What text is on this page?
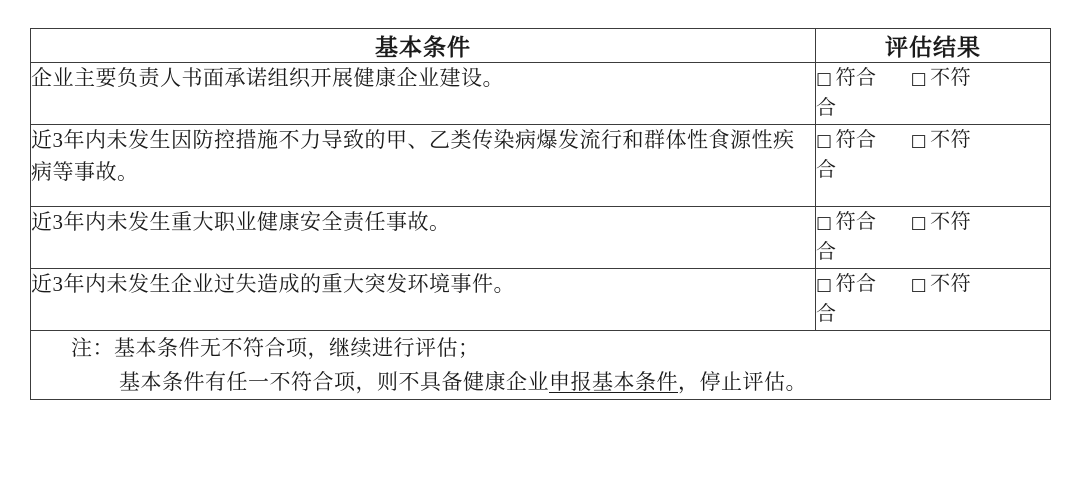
基本条件	评估结果
企业主要负责人书面承诺组织开展健康企业建设。	□ 符合 □ 不符
合
近3年内未发生因防控措施不力导致的甲、乙类传染病爆发流行和群体性食源性疾病等事故。	□ 符合 □ 不符
合
近3年内未发生重大职业健康安全责任事故。	□ 符合 □ 不符
合
近3年内未发生企业过失造成的重大突发环境事件。	□ 符合 □ 不符
合

注：基本条件无不符合项，继续进行评估；
基本条件有任一不符合项，则不具备健康企业申报基本条件，停止评估。	
